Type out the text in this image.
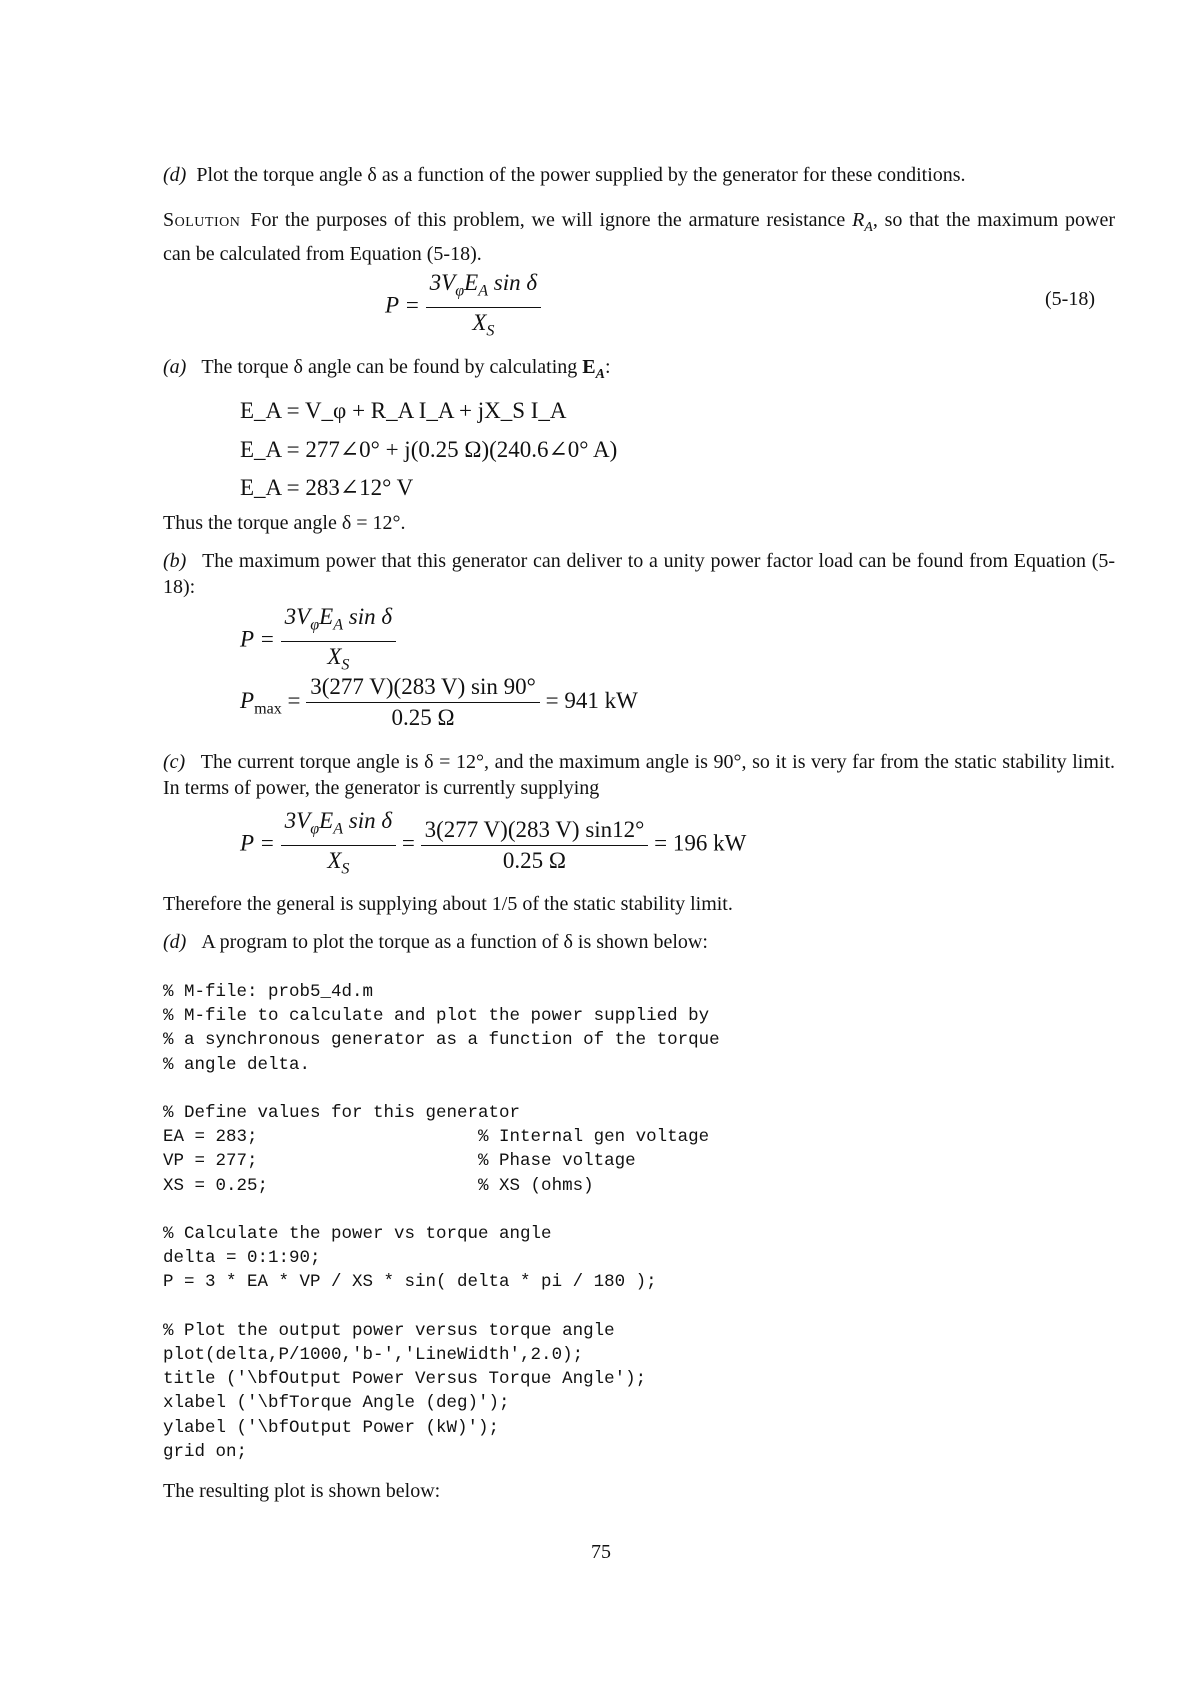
(d) Plot the torque angle δ as a function of the power supplied by the generator for these conditions.
Solution For the purposes of this problem, we will ignore the armature resistance $R_A$, so that the maximum power can be calculated from Equation (5-18).
$P = \frac{3V_\varphi E_A \sin \delta}{X_S}$	(5-18)
(a) The torque δ angle can be found by calculating $E_A$:
E_A = V_φ + R_A I_A + jX_S I_A
E_A = 277∠0° + j(0.25 Ω)(240.6∠0° A)
E_A = 283∠12° V
Thus the torque angle δ = 12°.
(b) The maximum power that this generator can deliver to a unity power factor load can be found from Equation (5-18):
$P = \frac{3V_\varphi E_A \sin \delta}{X_S}$
$P_{max} = \frac{3(277 V)(283 V) \sin 90^\circ}{0.25 \Omega} = 941$ kW
(c) The current torque angle is δ = 12°, and the maximum angle is 90°, so it is very far from the static stability limit. In terms of power, the generator is currently supplying
$P = \frac{3V_\varphi E_A \sin \delta}{X_S} = \frac{3(277 V)(283 V) \sin 12^\circ}{0.25 \Omega} = 196$ kW
Therefore the general is supplying about 1/5 of the static stability limit.
(d) A program to plot the torque as a function of δ is shown below:
% M-file: prob5_4d.m
% M-file to calculate and plot the power supplied by
% a synchronous generator as a function of the torque
% angle delta.

% Define values for this generator
EA = 283;                     % Internal gen voltage
VP = 277;                     % Phase voltage
XS = 0.25;                    % XS (ohms)

% Calculate the power vs torque angle
delta = 0:1:90;
P = 3 * EA * VP / XS * sin( delta * pi / 180 );

% Plot the output power versus torque angle
plot(delta,P/1000,'b-','LineWidth',2.0);
title ('\bfOutput Power Versus Torque Angle');
xlabel ('\bfTorque Angle (deg)');
ylabel ('\bfOutput Power (kW)');
grid on;
The resulting plot is shown below:
75
